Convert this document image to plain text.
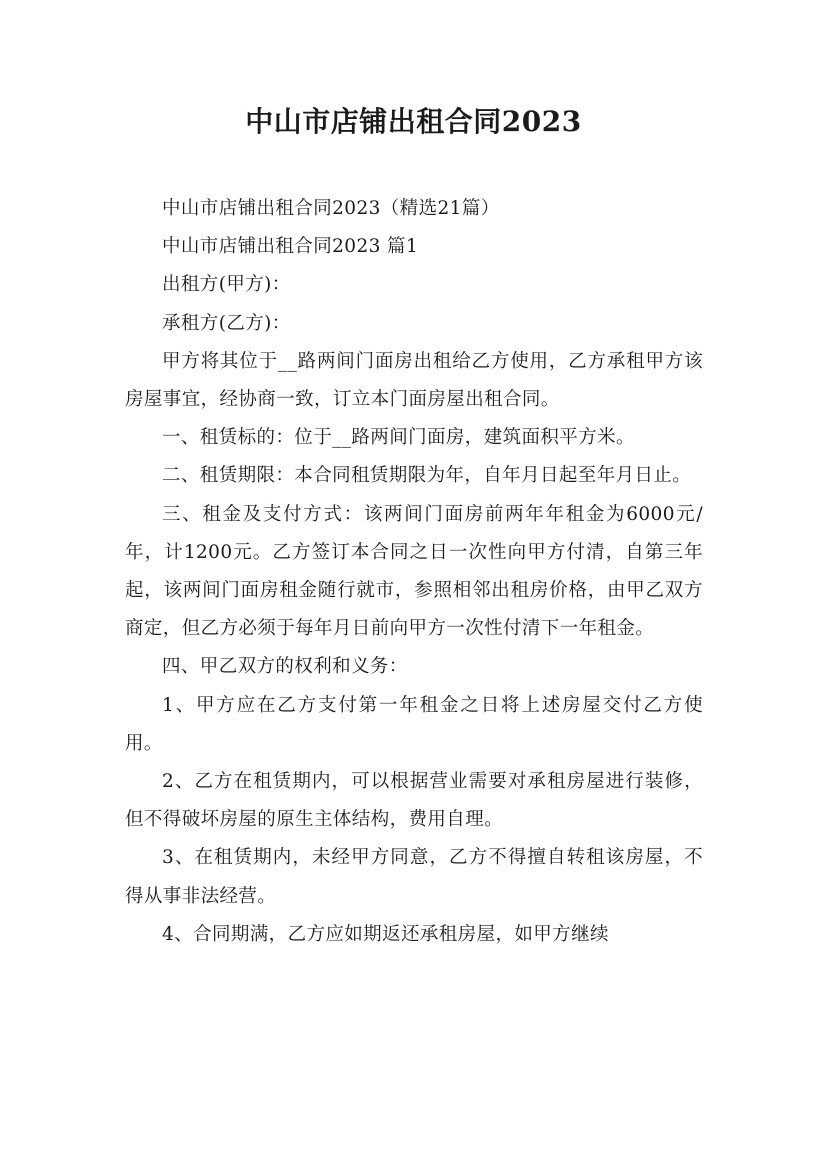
中山市店铺出租合同2023

中山市店铺出租合同2023（精选21篇）

中山市店铺出租合同2023 篇1

出租方(甲方)：

承租方(乙方)：

甲方将其位于__路两间门面房出租给乙方使用，乙方承租甲方该房屋事宜，经协商一致，订立本门面房屋出租合同。

一、租赁标的：位于__路两间门面房，建筑面积平方米。

二、租赁期限：本合同租赁期限为年，自年月日起至年月日止。

三、租金及支付方式：该两间门面房前两年年租金为6000元/年，计1200元。乙方签订本合同之日一次性向甲方付清，自第三年起，该两间门面房租金随行就市，参照相邻出租房价格，由甲乙双方商定，但乙方必须于每年月日前向甲方一次性付清下一年租金。

四、甲乙双方的权利和义务：

1、甲方应在乙方支付第一年租金之日将上述房屋交付乙方使用。

2、乙方在租赁期内，可以根据营业需要对承租房屋进行装修，但不得破坏房屋的原生主体结构，费用自理。

3、在租赁期内，未经甲方同意，乙方不得擅自转租该房屋，不得从事非法经营。

4、合同期满，乙方应如期返还承租房屋，如甲方继续
